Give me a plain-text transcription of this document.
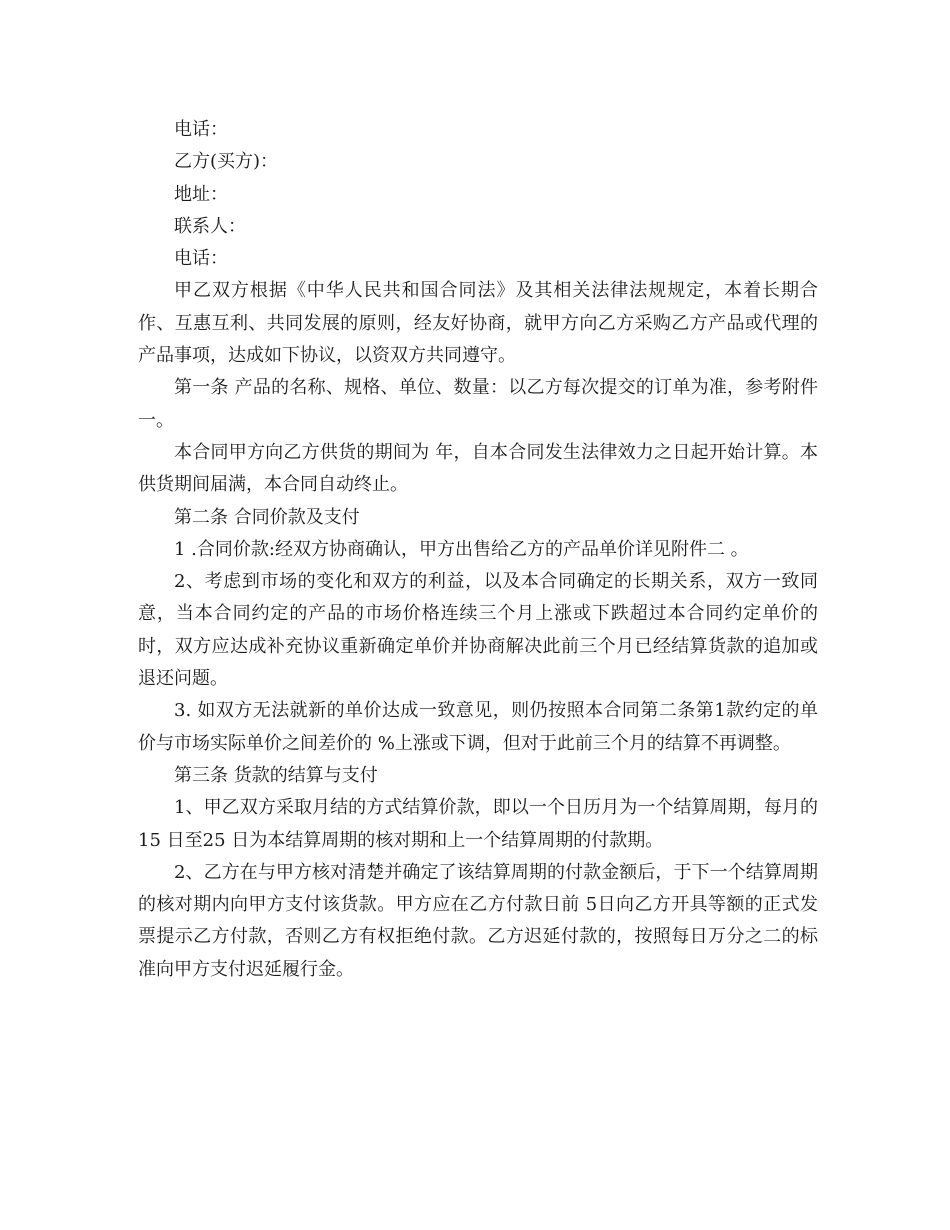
电话：

乙方(买方)：

地址：

联系人：

电话：

甲乙双方根据《中华人民共和国合同法》及其相关法律法规规定，本着长期合作、互惠互利、共同发展的原则，经友好协商，就甲方向乙方采购乙方产品或代理的产品事项，达成如下协议，以资双方共同遵守。

第一条 产品的名称、规格、单位、数量：以乙方每次提交的订单为准，参考附件一。

本合同甲方向乙方供货的期间为 年，自本合同发生法律效力之日起开始计算。本供货期间届满，本合同自动终止。

第二条 合同价款及支付

1 .合同价款:经双方协商确认，甲方出售给乙方的产品单价详见附件二 。

2、考虑到市场的变化和双方的利益，以及本合同确定的长期关系，双方一致同意，当本合同约定的产品的市场价格连续三个月上涨或下跌超过本合同约定单价的时，双方应达成补充协议重新确定单价并协商解决此前三个月已经结算货款的追加或退还问题。

3. 如双方无法就新的单价达成一致意见，则仍按照本合同第二条第1款约定的单价与市场实际单价之间差价的 %上涨或下调，但对于此前三个月的结算不再调整。

第三条 货款的结算与支付

1、甲乙双方采取月结的方式结算价款，即以一个日历月为一个结算周期，每月的 15 日至25 日为本结算周期的核对期和上一个结算周期的付款期。

2、乙方在与甲方核对清楚并确定了该结算周期的付款金额后，于下一个结算周期的核对期内向甲方支付该货款。甲方应在乙方付款日前 5日向乙方开具等额的正式发票提示乙方付款，否则乙方有权拒绝付款。乙方迟延付款的，按照每日万分之二的标准向甲方支付迟延履行金。
